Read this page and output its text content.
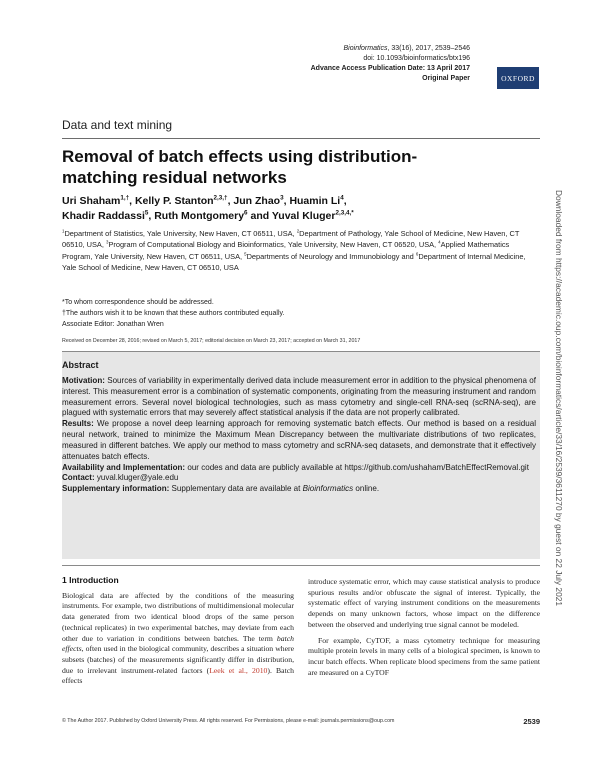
Bioinformatics, 33(16), 2017, 2539–2546
doi: 10.1093/bioinformatics/btx196
Advance Access Publication Date: 13 April 2017
Original Paper	OXFORD
Data and text mining
Removal of batch effects using distribution-matching residual networks
Uri Shaham$^{1,\dagger}$, Kelly P. Stanton$^{2,3,\dagger}$, Jun Zhao$^3$, Huamin Li$^4$,
Khadir Raddassi$^5$, Ruth Montgomery$^6$ and Yuval Kluger$^{2,3,4,*}$
$^1$Department of Statistics, Yale University, New Haven, CT 06511, USA, $^2$Department of Pathology, Yale School of Medicine, New Haven, CT 06510, USA, $^3$Program of Computational Biology and Bioinformatics, Yale University, New Haven, CT 06520, USA, $^4$Applied Mathematics Program, Yale University, New Haven, CT 06511, USA, $^5$Departments of Neurology and Immunobiology and $^6$Department of Internal Medicine, Yale School of Medicine, New Haven, CT 06510, USA
*To whom correspondence should be addressed.
†The authors wish it to be known that these authors contributed equally.
Associate Editor: Jonathan Wren
Received on December 28, 2016; revised on March 5, 2017; editorial decision on March 23, 2017; accepted on March 31, 2017
Abstract

Motivation: Sources of variability in experimentally derived data include measurement error in addition to the physical phenomena of interest. This measurement error is a combination of systematic components, originating from the measuring instrument and random measurement errors. Several novel biological technologies, such as mass cytometry and single-cell RNA-seq (scRNA-seq), are plagued with systematic errors that may severely affect statistical analysis if the data are not properly calibrated.

Results: We propose a novel deep learning approach for removing systematic batch effects. Our method is based on a residual neural network, trained to minimize the Maximum Mean Discrepancy between the multivariate distributions of two replicates, measured in different batches. We apply our method to mass cytometry and scRNA-seq datasets, and demonstrate that it effectively attenuates batch effects.

Availability and Implementation: our codes and data are publicly available at https://github.com/ushaham/BatchEffectRemoval.git

Contact: yuval.kluger@yale.edu

Supplementary information: Supplementary data are available at Bioinformatics online.

1 Introduction

Biological data are affected by the conditions of the measuring instruments. For example, two distributions of multidimensional molecular data generated from two identical blood drops of the same person (technical replicates) in two experimental batches, may deviate from each other due to variation in conditions between batches. The term batch effects, often used in the biological community, describes a situation where subsets (batches) of the measurements significantly differ in distribution, due to irrelevant instrument-related factors (Leek et al., 2010). Batch effects

introduce systematic error, which may cause statistical analysis to produce spurious results and/or obfuscate the signal of interest. Typically, the systematic effect of varying instrument conditions on the measurements depends on many unknown factors, whose impact on the difference between the observed and underlying true signal cannot be modeled.

For example, CyTOF, a mass cytometry technique for measuring multiple protein levels in many cells of a biological specimen, is known to incur batch effects. When replicate blood specimens from the same patient are measured on a CyTOF

© The Author 2017. Published by Oxford University Press. All rights reserved. For Permissions, please e-mail: journals.permissions@oup.com	2539
Downloaded from https://academic.oup.com/bioinformatics/article/33/16/2539/3611270 by guest on 22 July 2021
